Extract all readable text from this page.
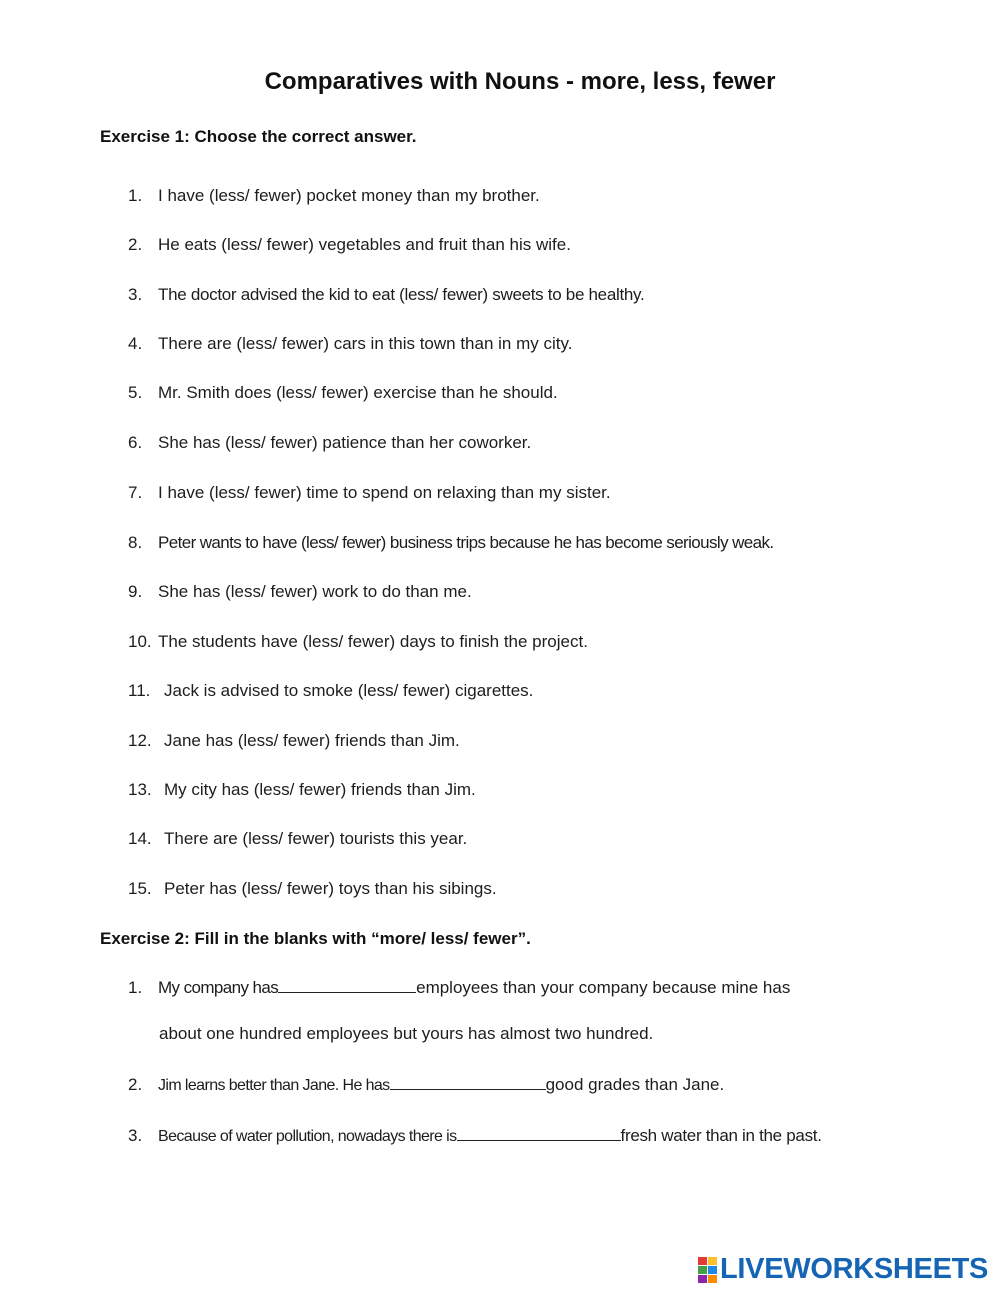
Comparatives with Nouns - more, less, fewer
Exercise 1: Choose the correct answer.
1. I have (less/ fewer) pocket money than my brother.
2. He eats (less/ fewer) vegetables and fruit than his wife.
3. The doctor advised the kid to eat (less/ fewer) sweets to be healthy.
4. There are (less/ fewer) cars in this town than in my city.
5. Mr. Smith does (less/ fewer) exercise than he should.
6. She has (less/ fewer) patience than her coworker.
7. I have (less/ fewer) time to spend on relaxing than my sister.
8. Peter wants to have (less/ fewer) business trips because he has become seriously weak.
9. She has (less/ fewer) work to do than me.
10. The students have (less/ fewer) days to finish the project.
11. Jack is advised to smoke (less/ fewer) cigarettes.
12. Jane has (less/ fewer) friends than Jim.
13. My city has (less/ fewer) friends than Jim.
14. There are (less/ fewer) tourists this year.
15. Peter has (less/ fewer) toys than his sibings.
Exercise 2: Fill in the blanks with “more/ less/ fewer”.
1. My company has	employees than your company because mine has
about one hundred employees but yours has almost two hundred.
2. Jim learns better than Jane. He has	good grades than Jane.
3. Because of water pollution, nowadays there is	fresh water than in the past.
LIVEWORKSHEETS
